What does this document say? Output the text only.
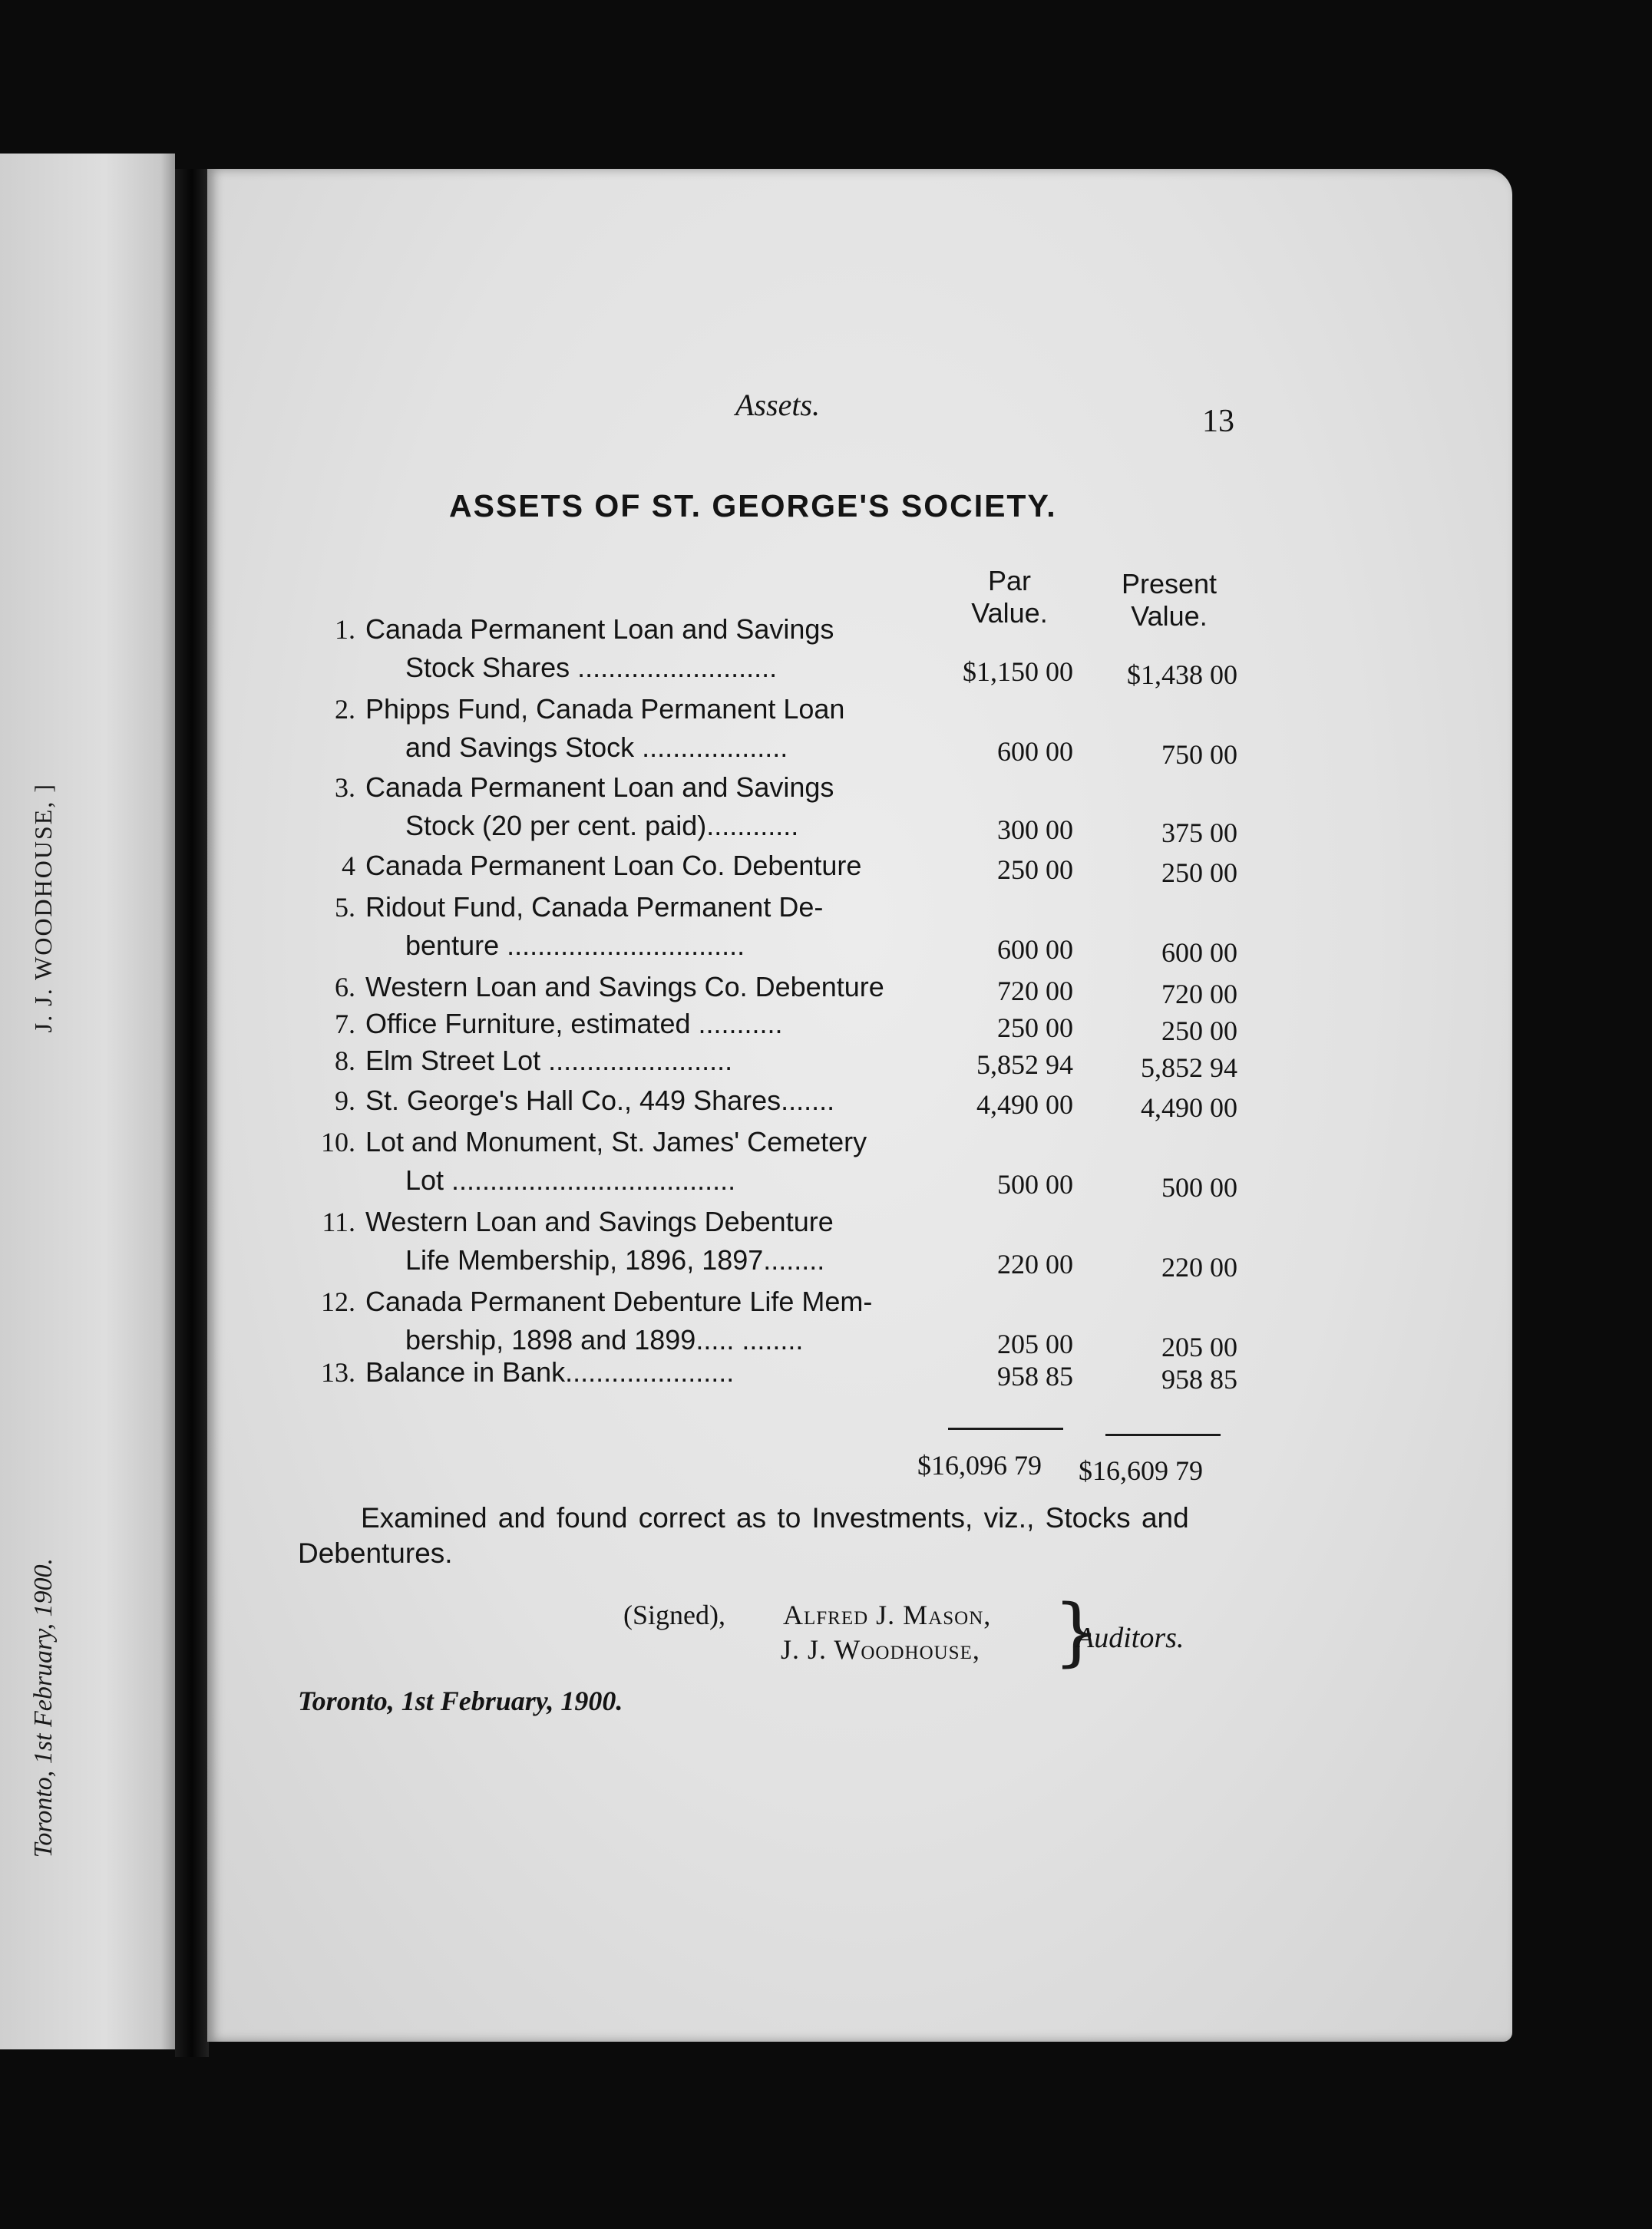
J. J. WOODHOUSE, ]
Toronto, 1st February, 1900.
Assets.	13
ASSETS OF ST. GEORGE'S SOCIETY.
Par
Value.
Present
Value.
1. Canada Permanent Loan and Savings
Stock Shares ..........................	$1,150 00 $1,438 00
2. Phipps Fund, Canada Permanent Loan
and Savings Stock ...................	600 00	750 00
3. Canada Permanent Loan and Savings
Stock (20 per cent. paid)............	300 00	375 00
4 Canada Permanent Loan Co. Debenture	250 00	250 00
5. Ridout Fund, Canada Permanent De-
benture ...............................	600 00	600 00
6. Western Loan and Savings Co. Debenture	720 00	720 00
7. Office Furniture, estimated ...........	250 00	250 00
8. Elm Street Lot ........................	5,852 94 5,852 94
9. St. George's Hall Co., 449 Shares.......	4,490 00 4,490 00
10. Lot and Monument, St. James' Cemetery
Lot .....................................	500 00	500 00
11. Western Loan and Savings Debenture
Life Membership, 1896, 1897........	220 00	220 00
12. Canada Permanent Debenture Life Mem-
bership, 1898 and 1899..... ........	205 00	205 00
13. Balance in Bank......................	958 85	958 85
$16,096 79 $16,609 79
Examined and found correct as to Investments, viz., Stocks and Debentures.
(Signed), Alfred J. Mason,
J. J. Woodhouse, }
Auditors.
Toronto, 1st February, 1900.
